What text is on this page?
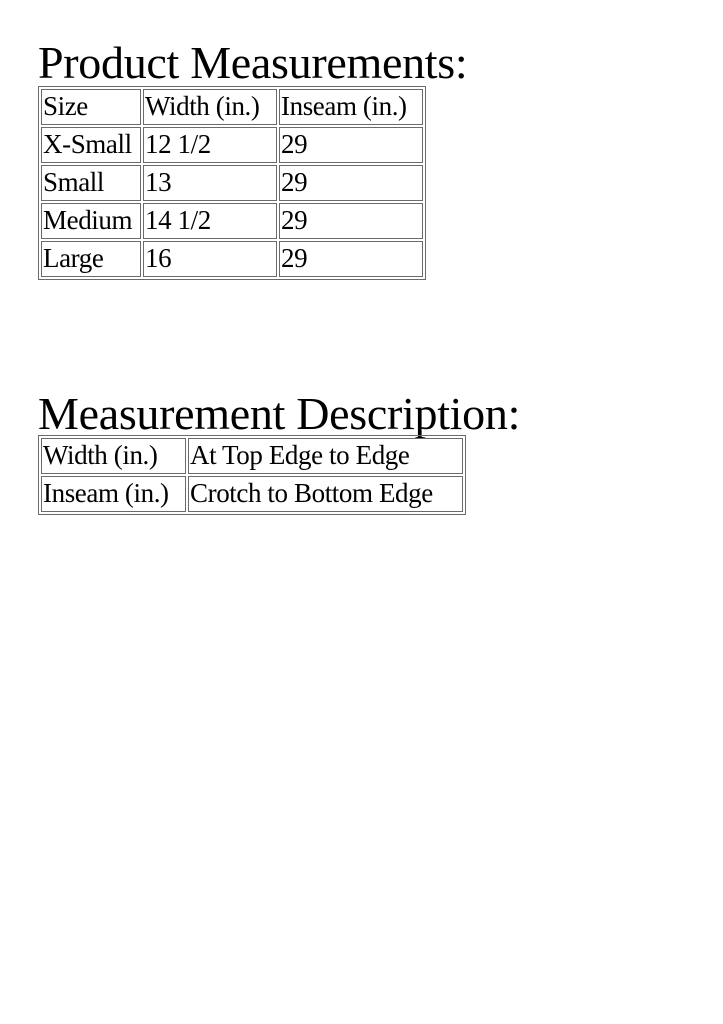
Product Measurements:
Size	Width (in.)	Inseam (in.)
X-Small	12 1/2	29
Small	13	29
Medium	14 1/2	29
Large	16	29
Measurement Description:
Width (in.)	At Top Edge to Edge
Inseam (in.)	Crotch to Bottom Edge
